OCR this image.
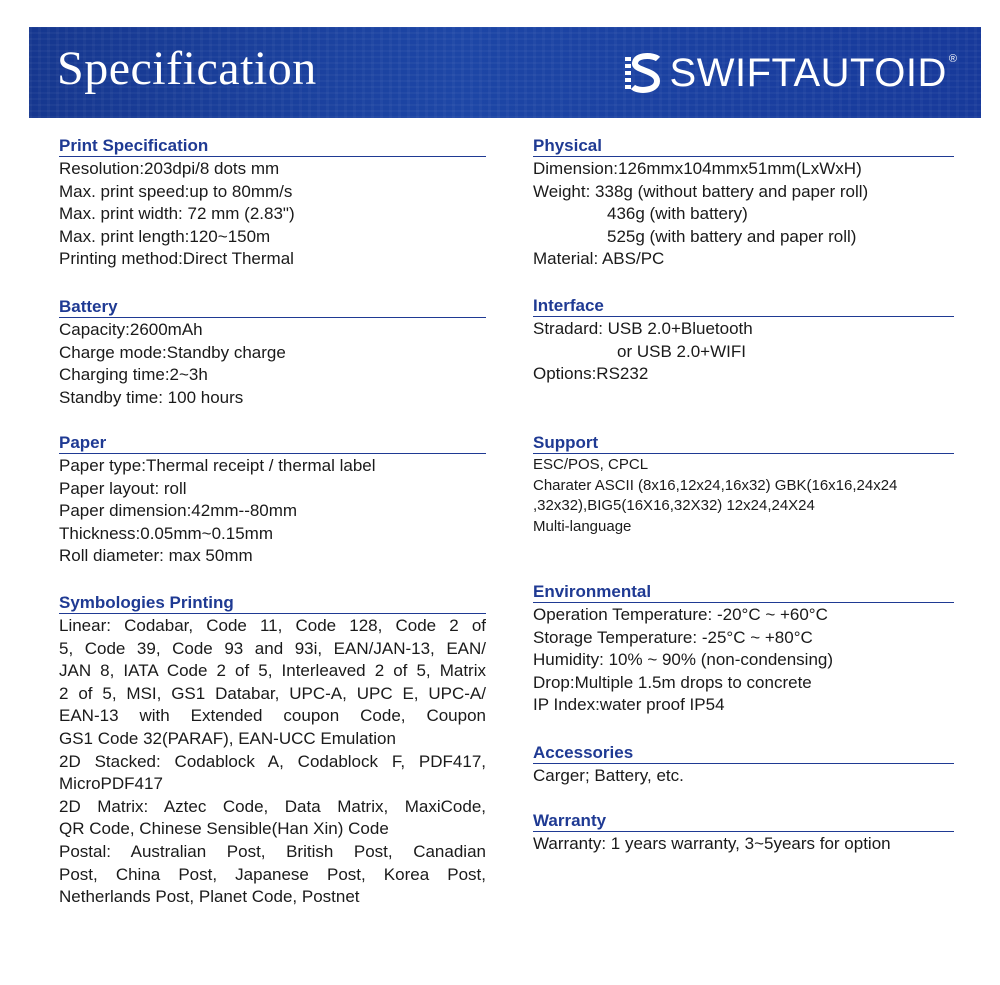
Specification	SWIFTAUTOID ®
Print Specification
Resolution:203dpi/8 dots mm
Max. print speed:up to 80mm/s
Max. print width: 72 mm (2.83")
Max. print length:120~150m
Printing method:Direct Thermal
Battery
Capacity:2600mAh
Charge mode:Standby charge
Charging time:2~3h
Standby time: 100 hours
Paper
Paper type:Thermal receipt / thermal label
Paper layout: roll
Paper dimension:42mm--80mm
Thickness:0.05mm~0.15mm
Roll diameter: max 50mm
Symbologies Printing
Linear: Codabar, Code 11, Code 128, Code 2 of
5, Code 39, Code 93 and 93i, EAN/JAN-13, EAN/
JAN 8, IATA Code 2 of 5, Interleaved 2 of 5, Matrix
2 of 5, MSI, GS1 Databar, UPC-A, UPC E, UPC-A/
EAN-13 with Extended coupon Code, Coupon
GS1 Code 32(PARAF), EAN-UCC Emulation
2D Stacked: Codablock A, Codablock F, PDF417,
MicroPDF417
2D Matrix: Aztec Code, Data Matrix, MaxiCode,
QR Code, Chinese Sensible(Han Xin) Code
Postal: Australian Post, British Post, Canadian
Post, China Post, Japanese Post, Korea Post,
Netherlands Post, Planet Code, Postnet
Physical
Dimension:126mmx104mmx51mm(LxWxH)
Weight: 338g (without battery and paper roll)
436g (with battery)
525g (with battery and paper roll)
Material: ABS/PC
Interface
Stradard: USB 2.0+Bluetooth
or USB 2.0+WIFI
Options:RS232
Support
ESC/POS, CPCL
Charater ASCII (8x16,12x24,16x32) GBK(16x16,24x24
,32x32),BIG5(16X16,32X32) 12x24,24X24
Multi-language
Environmental
Operation Temperature: -20°C ~ +60°C
Storage Temperature: -25°C ~ +80°C
Humidity: 10% ~ 90% (non-condensing)
Drop:Multiple 1.5m drops to concrete
IP Index:water proof IP54
Accessories
Carger; Battery, etc.
Warranty
Warranty: 1 years warranty, 3~5years for option
